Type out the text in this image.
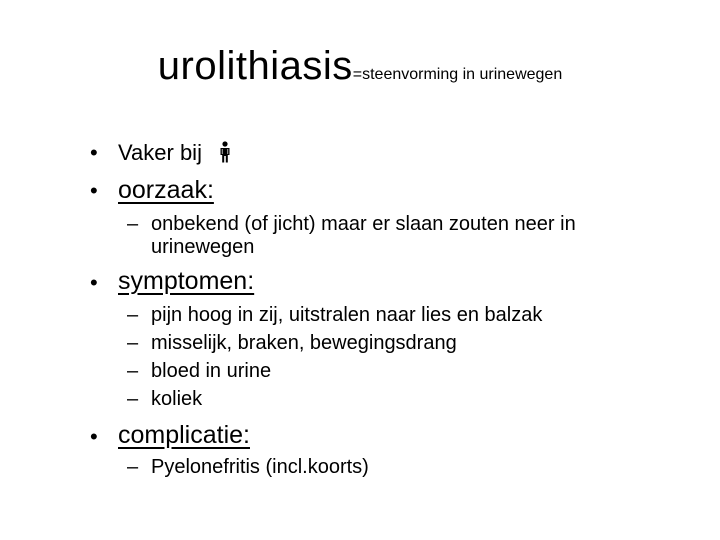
urolithiasis=steenvorming in urinewegen
• Vaker bij
• oorzaak:
– onbekend (of jicht) maar er slaan zouten neer in
urinewegen
• symptomen:
– pijn hoog in zij, uitstralen naar lies en balzak
– misselijk, braken, bewegingsdrang
– bloed in urine
– koliek
• complicatie:
– Pyelonefritis (incl.koorts)
